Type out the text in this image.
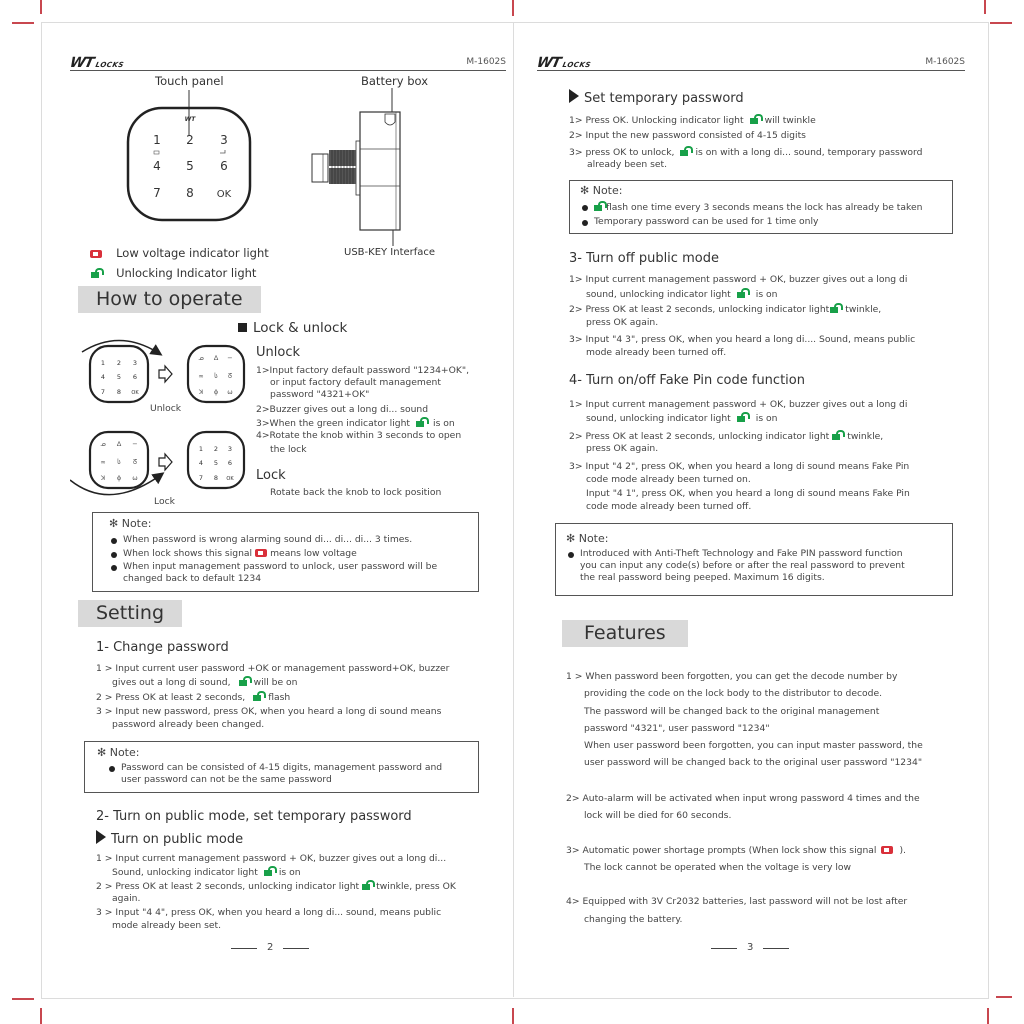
WTLOCKS	M-1602S
Touch panel	Battery box
WT
1 2 3
4 5 6
7 8 OK
USB-KEY Interface
Low voltage indicator light
Unlocking Indicator light
How to operate
Lock & unlock
1 2 3
4 5 6
7 8 OK
ᓄ ∆ −
∞ ს ᘔ
ꓘ ɸ ω
ᓄ ∆ −
∞ ს ᘔ
ꓘ ɸ ω
1 2 3
4 5 6
7 8 OK
Unlock
Lock
Unlock
1>Input factory default password "1234+OK",
or input factory default management
password "4321+OK"
2>Buzzer gives out a long di... sound
3>When the green indicator light	is on
4>Rotate the knob within 3 seconds to open
the lock
Lock
Rotate back the knob to lock position
✻ Note:
When password is wrong alarming sound di... di... di... 3 times.
When lock shows this signal means low voltage
When input management password to unlock, user password will be
changed back to default 1234
Setting
1- Change password
1 > Input current user password +OK or management password+OK, buzzer
gives out a long di sound,	will be on
2 > Press OK at least 2 seconds,	flash
3 > Input new password, press OK, when you heard a long di sound means
password already been changed.
✻ Note:
Password can be consisted of 4-15 digits, management password and
user password can not be the same password
2- Turn on public mode, set temporary password
Turn on public mode
1 > Input current management password + OK, buzzer gives out a long di...
Sound, unlocking indicator light is on
2 > Press OK at least 2 seconds, unlocking indicator light twinkle, press OK
again.
3 > Input "4 4", press OK, when you heard a long di... sound, means public
mode already been set.
2
WTLOCKS	M-1602S
Set temporary password
1> Press OK. Unlocking indicator light will twinkle
2> Input the new password consisted of 4-15 digits
3> press OK to unlock, is on with a long di... sound, temporary password
already been set.
✻ Note:
flash one time every 3 seconds means the lock has already be taken
Temporary password can be used for 1 time only
3- Turn off public mode
1> Input current management password + OK, buzzer gives out a long di
sound, unlocking indicator light	is on
2> Press OK at least 2 seconds, unlocking indicator light twinkle,
press OK again.
3> Input "4 3", press OK, when you heard a long di.... Sound, means public
mode already been turned off.
4- Turn on/off Fake Pin code function
1> Input current management password + OK, buzzer gives out a long di
sound, unlocking indicator light	is on
2> Press OK at least 2 seconds, unlocking indicator light twinkle,
press OK again.
3> Input "4 2", press OK, when you heard a long di sound means Fake Pin
code mode already been turned on.
Input "4 1", press OK, when you heard a long di sound means Fake Pin
code mode already been turned off.
✻ Note:
Introduced with Anti-Theft Technology and Fake PIN password function
you can input any code(s) before or after the real password to prevent
the real password being peeped. Maximum 16 digits.
Features
1 > When password been forgotten, you can get the decode number by
providing the code on the lock body to the distributor to decode.
The password will be changed back to the original management
password "4321", user password "1234"
When user password been forgotten, you can input master password, the
user password will be changed back to the original user password "1234"
2> Auto-alarm will be activated when input wrong password 4 times and the
lock will be died for 60 seconds.
3> Automatic power shortage prompts (When lock show this signal	).
The lock cannot be operated when the voltage is very low
4> Equipped with 3V Cr2032 batteries, last password will not be lost after
changing the battery.
3
